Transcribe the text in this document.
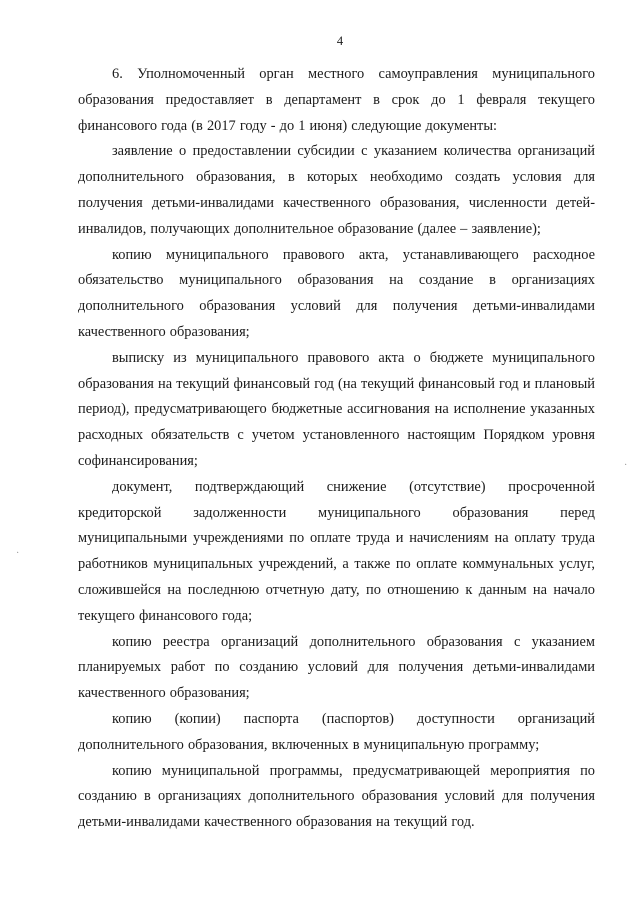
4

6. Уполномоченный орган местного самоуправления муниципального образования предоставляет в департамент в срок до 1 февраля текущего финансового года (в 2017 году - до 1 июня) следующие документы:

заявление о предоставлении субсидии с указанием количества организаций дополнительного образования, в которых необходимо создать условия для получения детьми-инвалидами качественного образования, численности детей-инвалидов, получающих дополнительное образование (далее – заявление);

копию муниципального правового акта, устанавливающего расходное обязательство муниципального образования на создание в организациях дополнительного образования условий для получения детьми-инвалидами качественного образования;

выписку из муниципального правового акта о бюджете муниципального образования на текущий финансовый год (на текущий финансовый год и плановый период), предусматривающего бюджетные ассигнования на исполнение указанных расходных обязательств с учетом установленного настоящим Порядком уровня софинансирования;

документ, подтверждающий снижение (отсутствие) просроченной кредиторской задолженности муниципального образования перед муниципальными учреждениями по оплате труда и начислениям на оплату труда работников муниципальных учреждений, а также по оплате коммунальных услуг, сложившейся на последнюю отчетную дату, по отношению к данным на начало текущего финансового года;

копию реестра организаций дополнительного образования с указанием планируемых работ по созданию условий для получения детьми-инвалидами качественного образования;

копию (копии) паспорта (паспортов) доступности организаций дополнительного образования, включенных в муниципальную программу;

копию муниципальной программы, предусматривающей мероприятия по созданию в организациях дополнительного образования условий для получения детьми-инвалидами качественного образования на текущий год.

·
·
